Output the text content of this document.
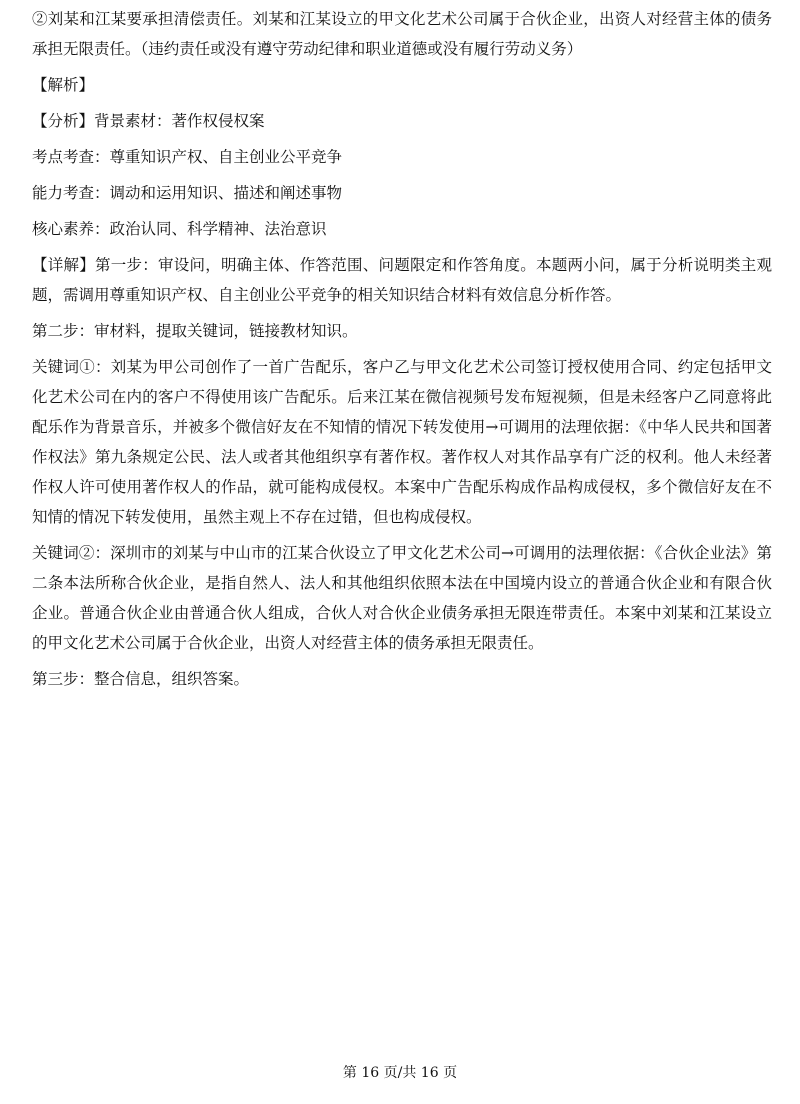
②刘某和江某要承担清偿责任。刘某和江某设立的甲文化艺术公司属于合伙企业，出资人对经营主体的债务承担无限责任。（违约责任或没有遵守劳动纪律和职业道德或没有履行劳动义务）

【解析】

【分析】背景素材：著作权侵权案

考点考查：尊重知识产权、自主创业公平竞争

能力考查：调动和运用知识、描述和阐述事物

核心素养：政治认同、科学精神、法治意识

【详解】第一步：审设问，明确主体、作答范围、问题限定和作答角度。本题两小问，属于分析说明类主观题，需调用尊重知识产权、自主创业公平竞争的相关知识结合材料有效信息分析作答。

第二步：审材料，提取关键词，链接教材知识。

关键词①：刘某为甲公司创作了一首广告配乐，客户乙与甲文化艺术公司签订授权使用合同、约定包括甲文化艺术公司在内的客户不得使用该广告配乐。后来江某在微信视频号发布短视频，但是未经客户乙同意将此配乐作为背景音乐，并被多个微信好友在不知情的情况下转发使用→可调用的法理依据：《中华人民共和国著作权法》第九条规定公民、法人或者其他组织享有著作权。著作权人对其作品享有广泛的权利。他人未经著作权人许可使用著作权人的作品，就可能构成侵权。本案中广告配乐构成作品构成侵权，多个微信好友在不知情的情况下转发使用，虽然主观上不存在过错，但也构成侵权。

关键词②：深圳市的刘某与中山市的江某合伙设立了甲文化艺术公司→可调用的法理依据：《合伙企业法》第二条本法所称合伙企业，是指自然人、法人和其他组织依照本法在中国境内设立的普通合伙企业和有限合伙企业。普通合伙企业由普通合伙人组成，合伙人对合伙企业债务承担无限连带责任。本案中刘某和江某设立的甲文化艺术公司属于合伙企业，出资人对经营主体的债务承担无限责任。

第三步：整合信息，组织答案。

第 16 页/共 16 页
